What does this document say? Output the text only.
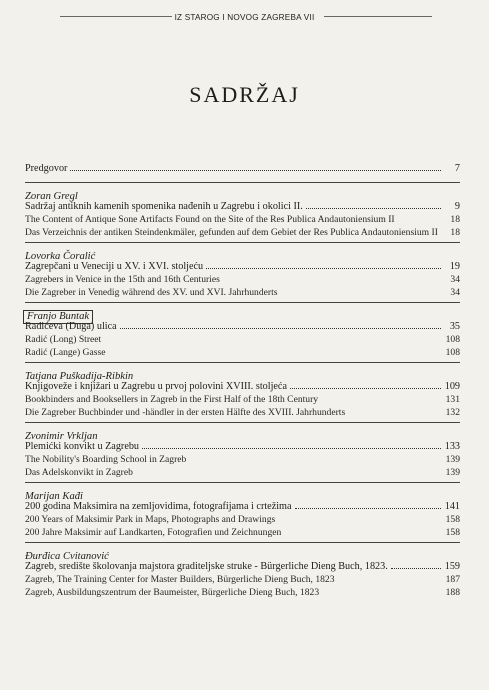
IZ STAROG I NOVOG ZAGREBA VII
SADRŽAJ
Predgovor	7
Zoran Gregl
Sadržaj antiknih kamenih spomenika nađenih u Zagrebu i okolici II.	9
The Content of Antique Sone Artifacts Found on the Site of the Res Publica Andautoniensium II	18
Das Verzeichnis der antiken Steindenkmäler, gefunden auf dem Gebiet der Res Publica Andautoniensium II	18
Lovorka Čoralić
Zagrepčani u Veneciji u XV. i XVI. stoljeću	19
Zagrebers in Venice in the 15th and 16th Centuries	34
Die Zagreber in Venedig während des XV. und XVI. Jahrhunderts	34
Franjo Buntak
Radićeva (Duga) ulica	35
Radić (Long) Street	108
Radić (Lange) Gasse	108
Tatjana Puškadija-Ribkin
Knjigoveže i knjižari u Zagrebu u prvoj polovini XVIII. stoljeća	109
Bookbinders and Booksellers in Zagreb in the First Half of the 18th Century	131
Die Zagreber Buchbinder und -händler in der ersten Hälfte des XVIII. Jahrhunderts	132
Zvonimir Vrkljan
Plemićki konvikt u Zagrebu	133
The Nobility's Boarding School in Zagreb	139
Das Adelskonvikt in Zagreb	139
Marijan Kađi
200 godina Maksimira na zemljovidima, fotografijama i crtežima	141
200 Years of Maksimir Park in Maps, Photographs and Drawings	158
200 Jahre Maksimir auf Landkarten, Fotografien und Zeichnungen	158
Đurđica Cvitanović
Zagreb, središte školovanja majstora graditeljske struke - Bürgerliche Dieng Buch, 1823.	159
Zagreb, The Training Center for Master Builders, Bürgerliche Dieng Buch, 1823	187
Zagreb, Ausbildungszentrum der Baumeister, Bürgerliche Dieng Buch, 1823	188
